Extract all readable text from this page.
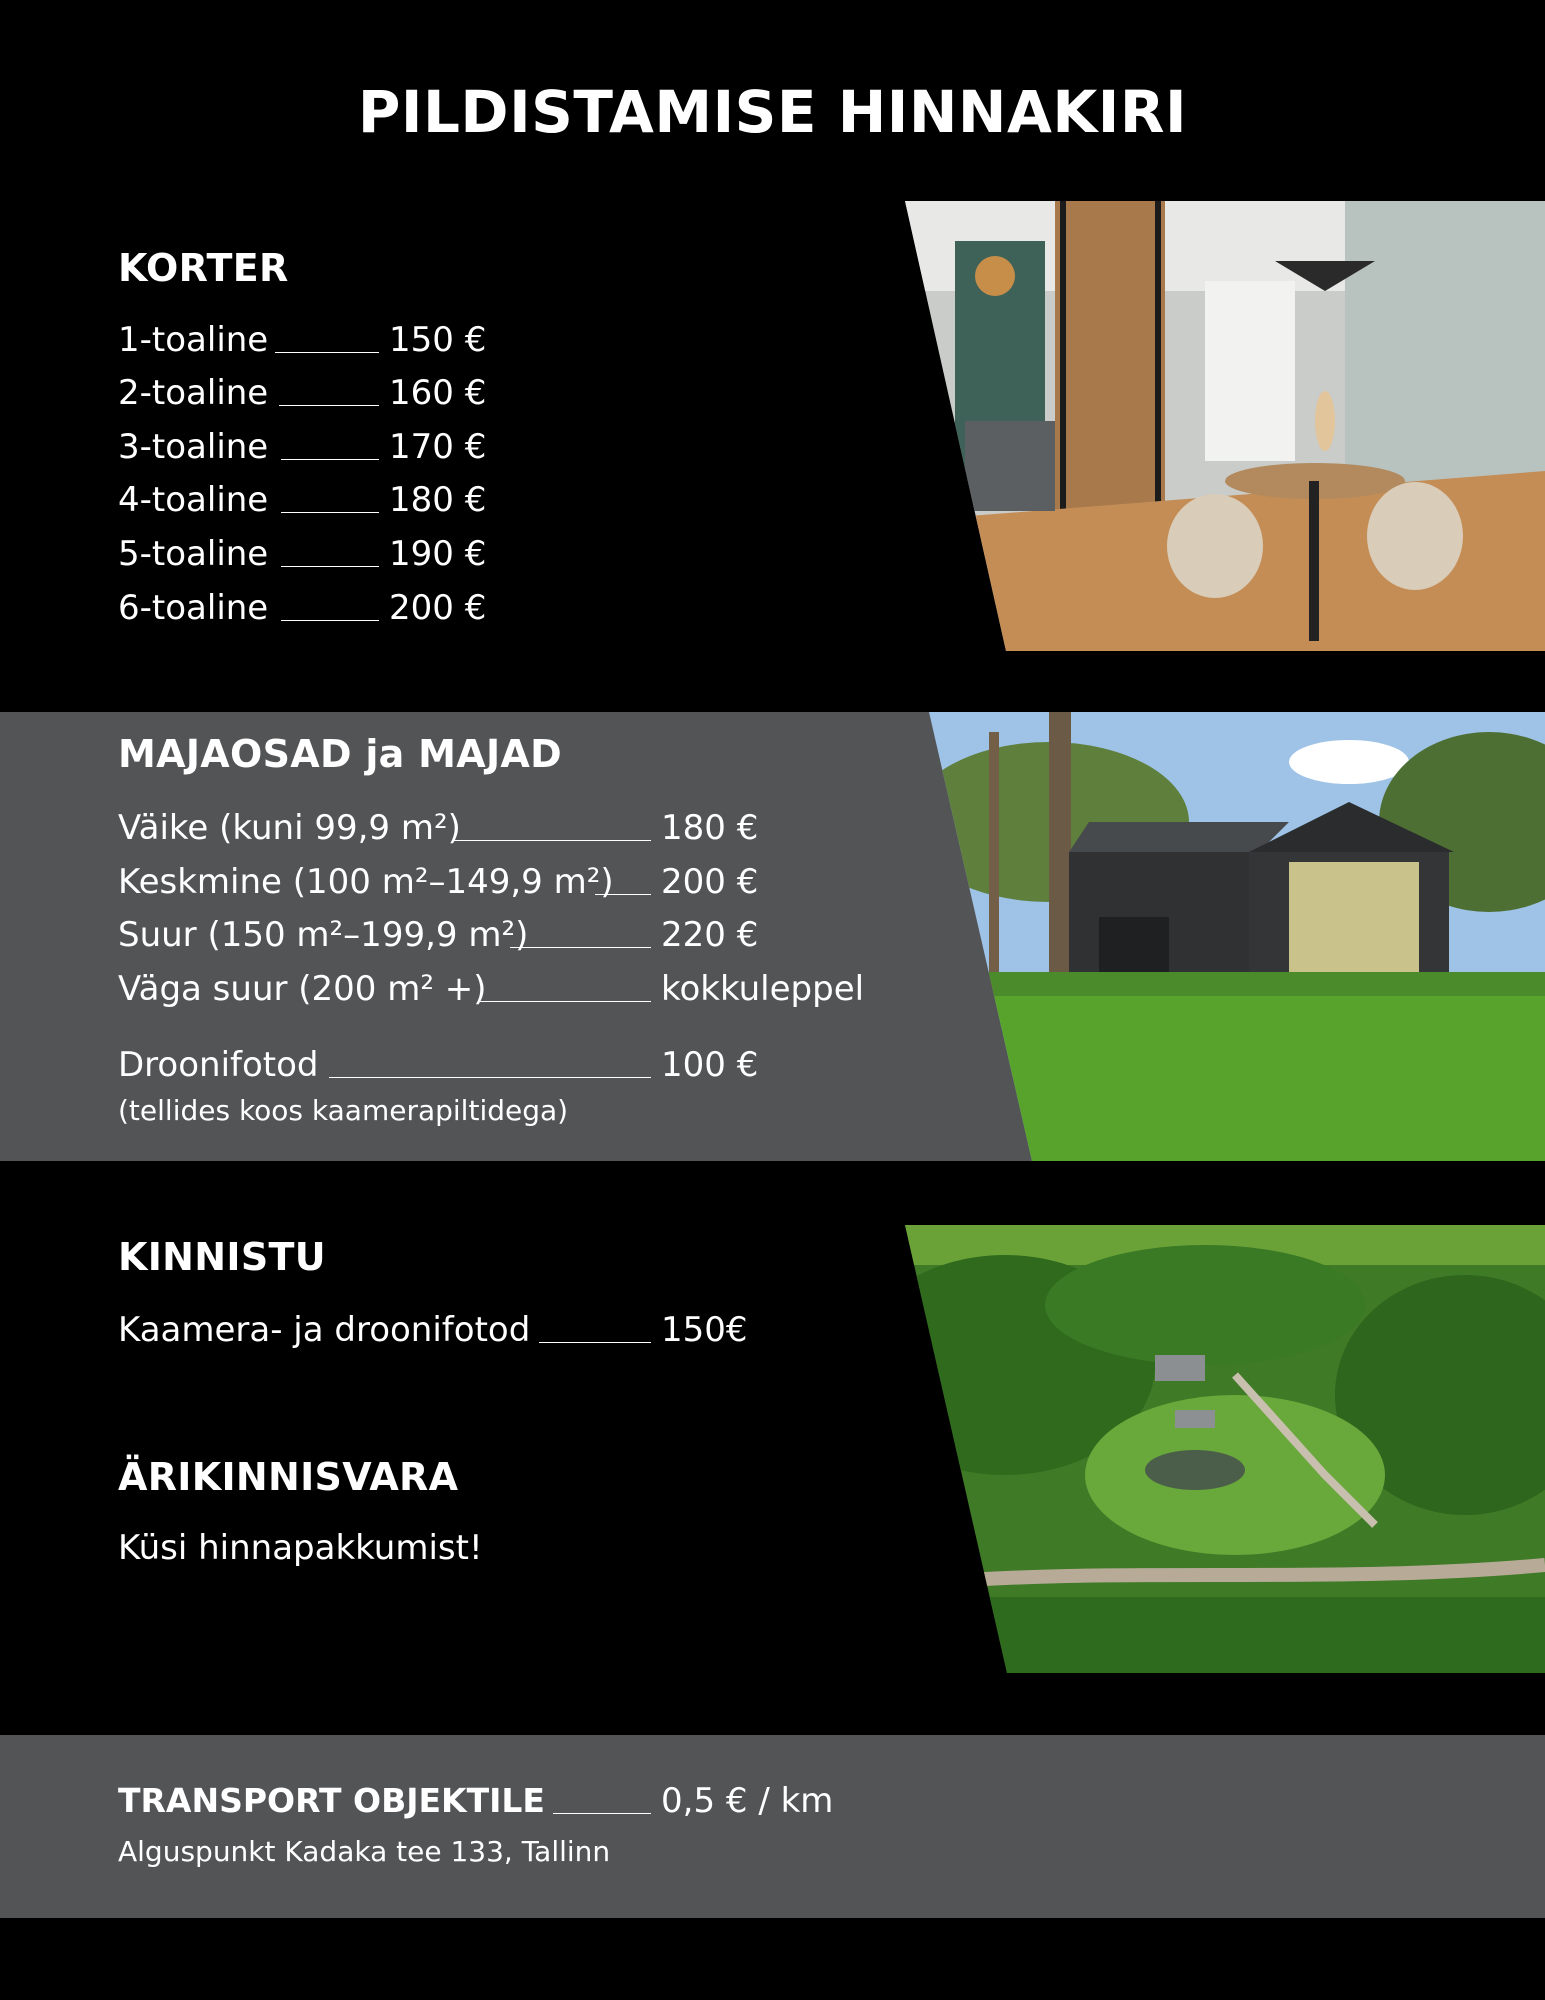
PILDISTAMISE HINNAKIRI
KORTER
1-toaline	150 €
2-toaline	160 €
3-toaline	170 €
4-toaline	180 €
5-toaline	190 €
6-toaline	200 €
MAJAOSAD ja MAJAD
Väike (kuni 99,9 m²)	180 €
Keskmine (100 m²–149,9 m²) 200 €
Suur (150 m²–199,9 m²)	220 €
Väga suur (200 m² +)	kokkuleppel
Droonifotod	100 €

(tellides koos kaamerapiltidega)

KINNISTU
Kaamera- ja droonifotod	150€
ÄRIKINNISVARA

Küsi hinnapakkumist!

TRANSPORT OBJEKTILE	0,5 € / km

Alguspunkt Kadaka tee 133, Tallinn
